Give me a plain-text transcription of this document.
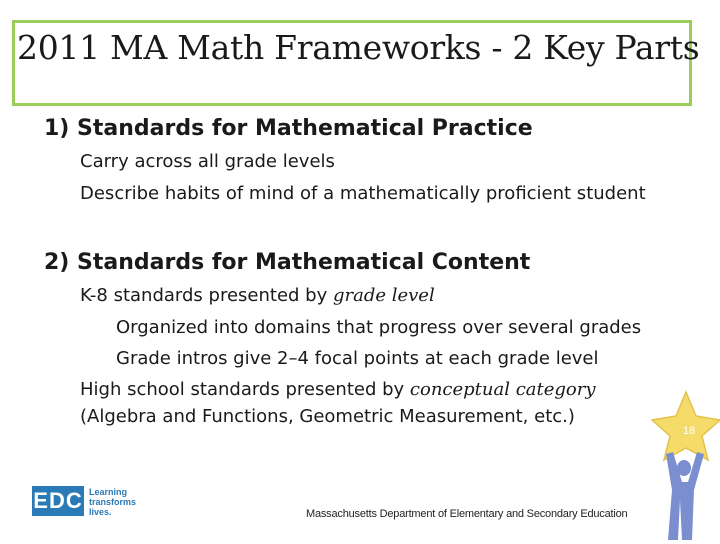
2011 MA Math Frameworks - 2 Key Parts
1) Standards for Mathematical Practice
Carry across all grade levels
Describe habits of mind of a mathematically proficient student
2) Standards for Mathematical Content
K-8 standards presented by grade level
Organized into domains that progress over several grades
Grade intros give 2–4 focal points at each grade level
High school standards presented by conceptual category
(Algebra and Functions, Geometric Measurement, etc.)
EDC Learning
transforms
lives.	Massachusetts Department of Elementary and Secondary Education
18
